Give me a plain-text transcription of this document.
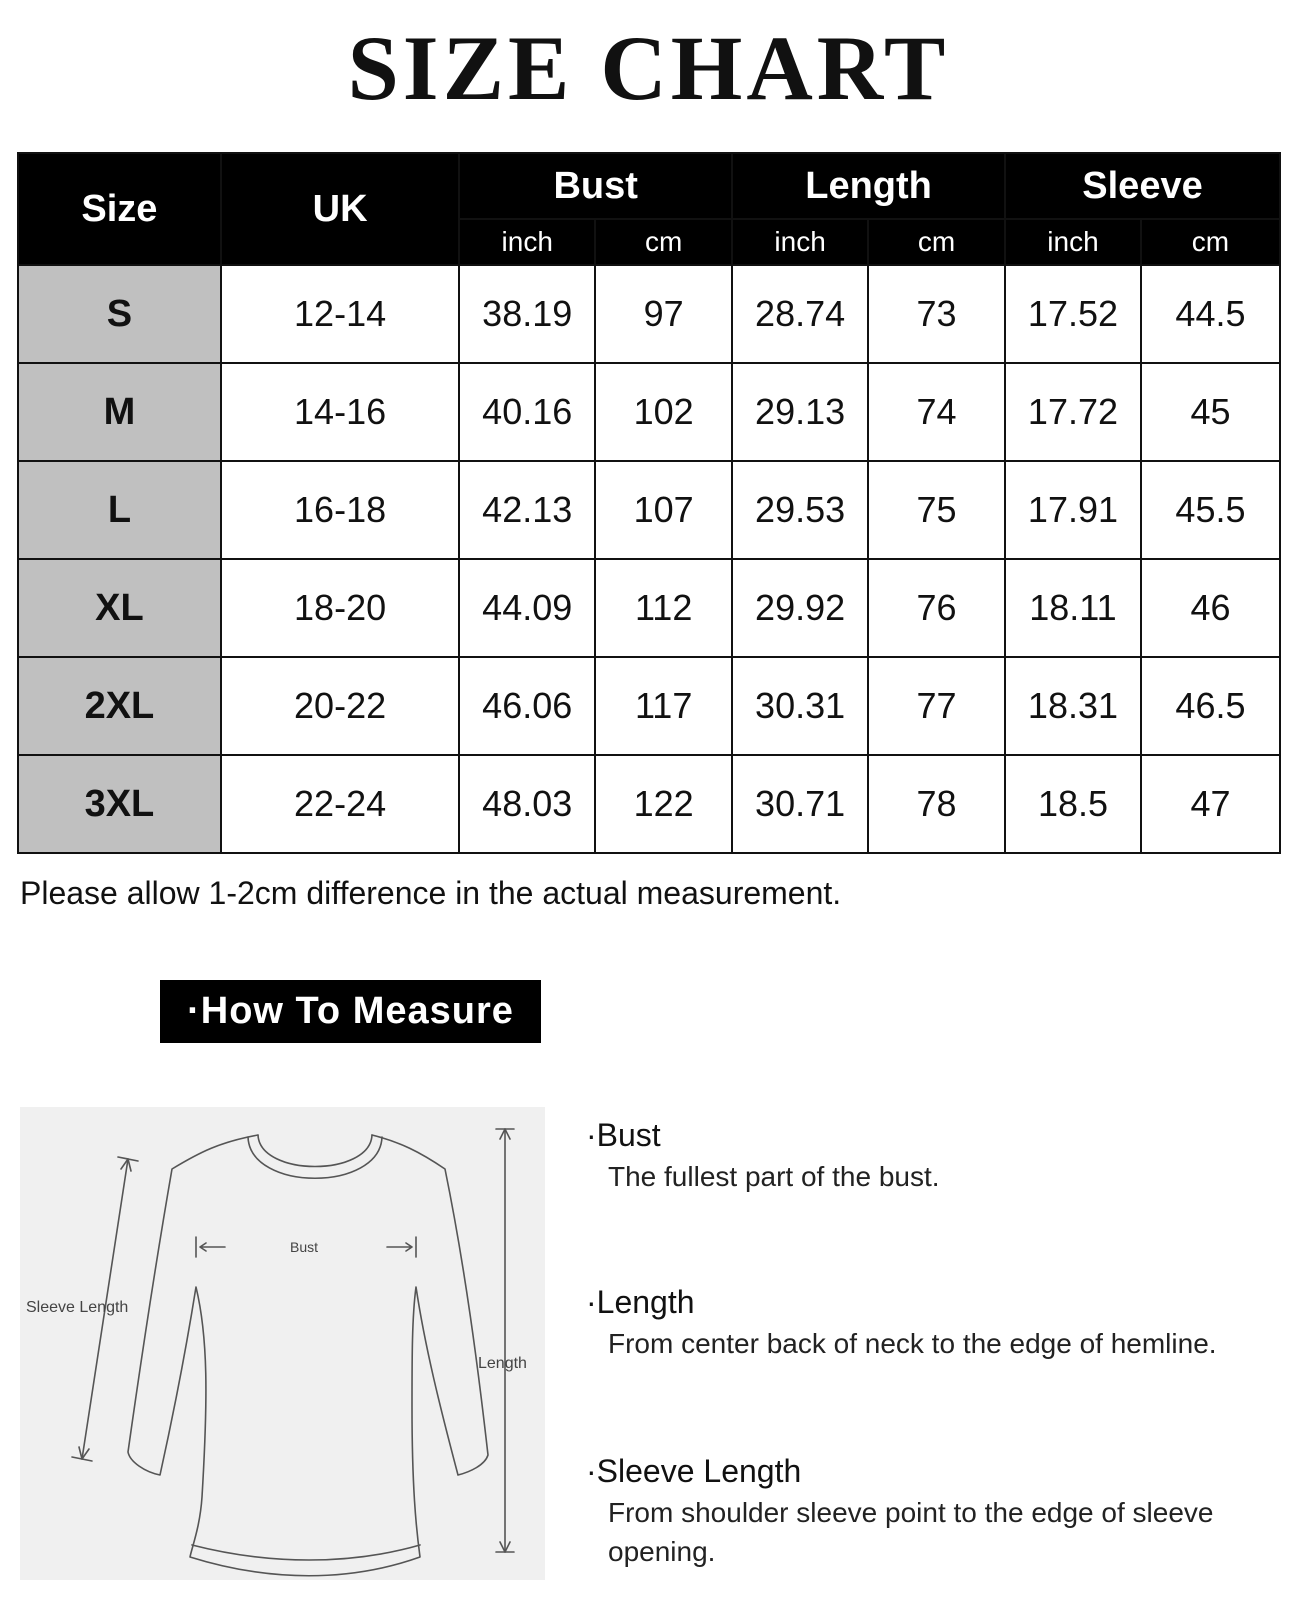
SIZE CHART
Size	UK	Bust		Length		Sleeve	
		inch	cm	inch	cm	inch	cm
S	12-14	38.19	97	28.74	73	17.52	44.5
M	14-16	40.16	102	29.13	74	17.72	45
L	16-18	42.13	107	29.53	75	17.91	45.5
XL	18-20	44.09	112	29.92	76	18.11	46
2XL	20-22	46.06	117	30.31	77	18.31	46.5
3XL	22-24	48.03	122	30.71	78	18.5	47
Please allow 1-2cm difference in the actual measurement.
·How To Measure
Sleeve Length
Bust
Length
·Bust
The fullest part of the bust.
·Length
From center back of neck to the edge of hemline.
·Sleeve Length
From shoulder sleeve point to the edge of sleeve opening.
